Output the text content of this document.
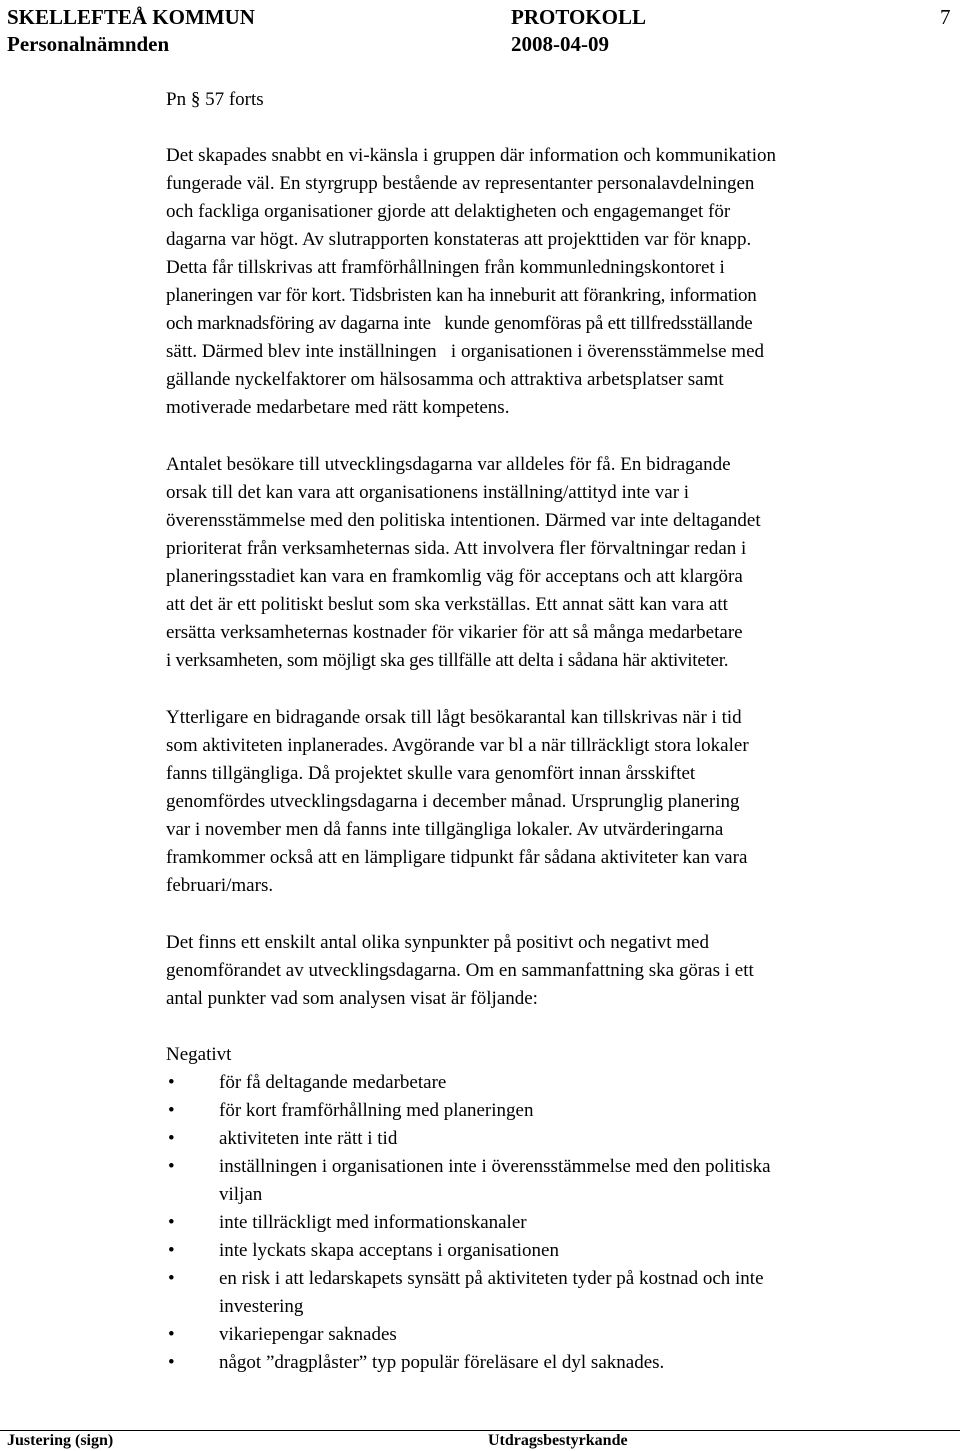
SKELLEFTEÅ KOMMUN
Personalnämnden
PROTOKOLL
2008-04-09
7
Pn § 57 forts
Det skapades snabbt en vi-känsla i gruppen där information och kommunikation
fungerade väl. En styrgrupp bestående av representanter personalavdelningen
och fackliga organisationer gjorde att delaktigheten och engagemanget för
dagarna var högt. Av slutrapporten konstateras att projekttiden var för knapp.
Detta får tillskrivas att framförhållningen från kommunledningskontoret i
planeringen var för kort. Tidsbristen kan ha inneburit att förankring, information
och marknadsföring av dagarna inte   kunde genomföras på ett tillfredsställande
sätt. Därmed blev inte inställningen   i organisationen i överensstämmelse med
gällande nyckelfaktorer om hälsosamma och attraktiva arbetsplatser samt
motiverade medarbetare med rätt kompetens.
Antalet besökare till utvecklingsdagarna var alldeles för få. En bidragande
orsak till det kan vara att organisationens inställning/attityd inte var i
överensstämmelse med den politiska intentionen. Därmed var inte deltagandet
prioriterat från verksamheternas sida. Att involvera fler förvaltningar redan i
planeringsstadiet kan vara en framkomlig väg för acceptans och att klargöra
att det är ett politiskt beslut som ska verkställas. Ett annat sätt kan vara att
ersätta verksamheternas kostnader för vikarier för att så många medarbetare
i verksamheten, som möjligt ska ges tillfälle att delta i sådana här aktiviteter.
Ytterligare en bidragande orsak till lågt besökarantal kan tillskrivas när i tid
som aktiviteten inplanerades. Avgörande var bl a när tillräckligt stora lokaler
fanns tillgängliga. Då projektet skulle vara genomfört innan årsskiftet
genomfördes utvecklingsdagarna i december månad. Ursprunglig planering
var i november men då fanns inte tillgängliga lokaler. Av utvärderingarna
framkommer också att en lämpligare tidpunkt får sådana aktiviteter kan vara
februari/mars.
Det finns ett enskilt antal olika synpunkter på positivt och negativt med
genomförandet av utvecklingsdagarna. Om en sammanfattning ska göras i ett
antal punkter vad som analysen visat är följande:
Negativt
• för få deltagande medarbetare
• för kort framförhållning med planeringen
• aktiviteten inte rätt i tid
• inställningen i organisationen inte i överensstämmelse med den politiska
viljan
• inte tillräckligt med informationskanaler
• inte lyckats skapa acceptans i organisationen
• en risk i att ledarskapets synsätt på aktiviteten tyder på kostnad och inte
investering
• vikariepengar saknades
• något ”dragplåster” typ populär föreläsare el dyl saknades.
Justering (sign)	Utdragsbestyrkande
